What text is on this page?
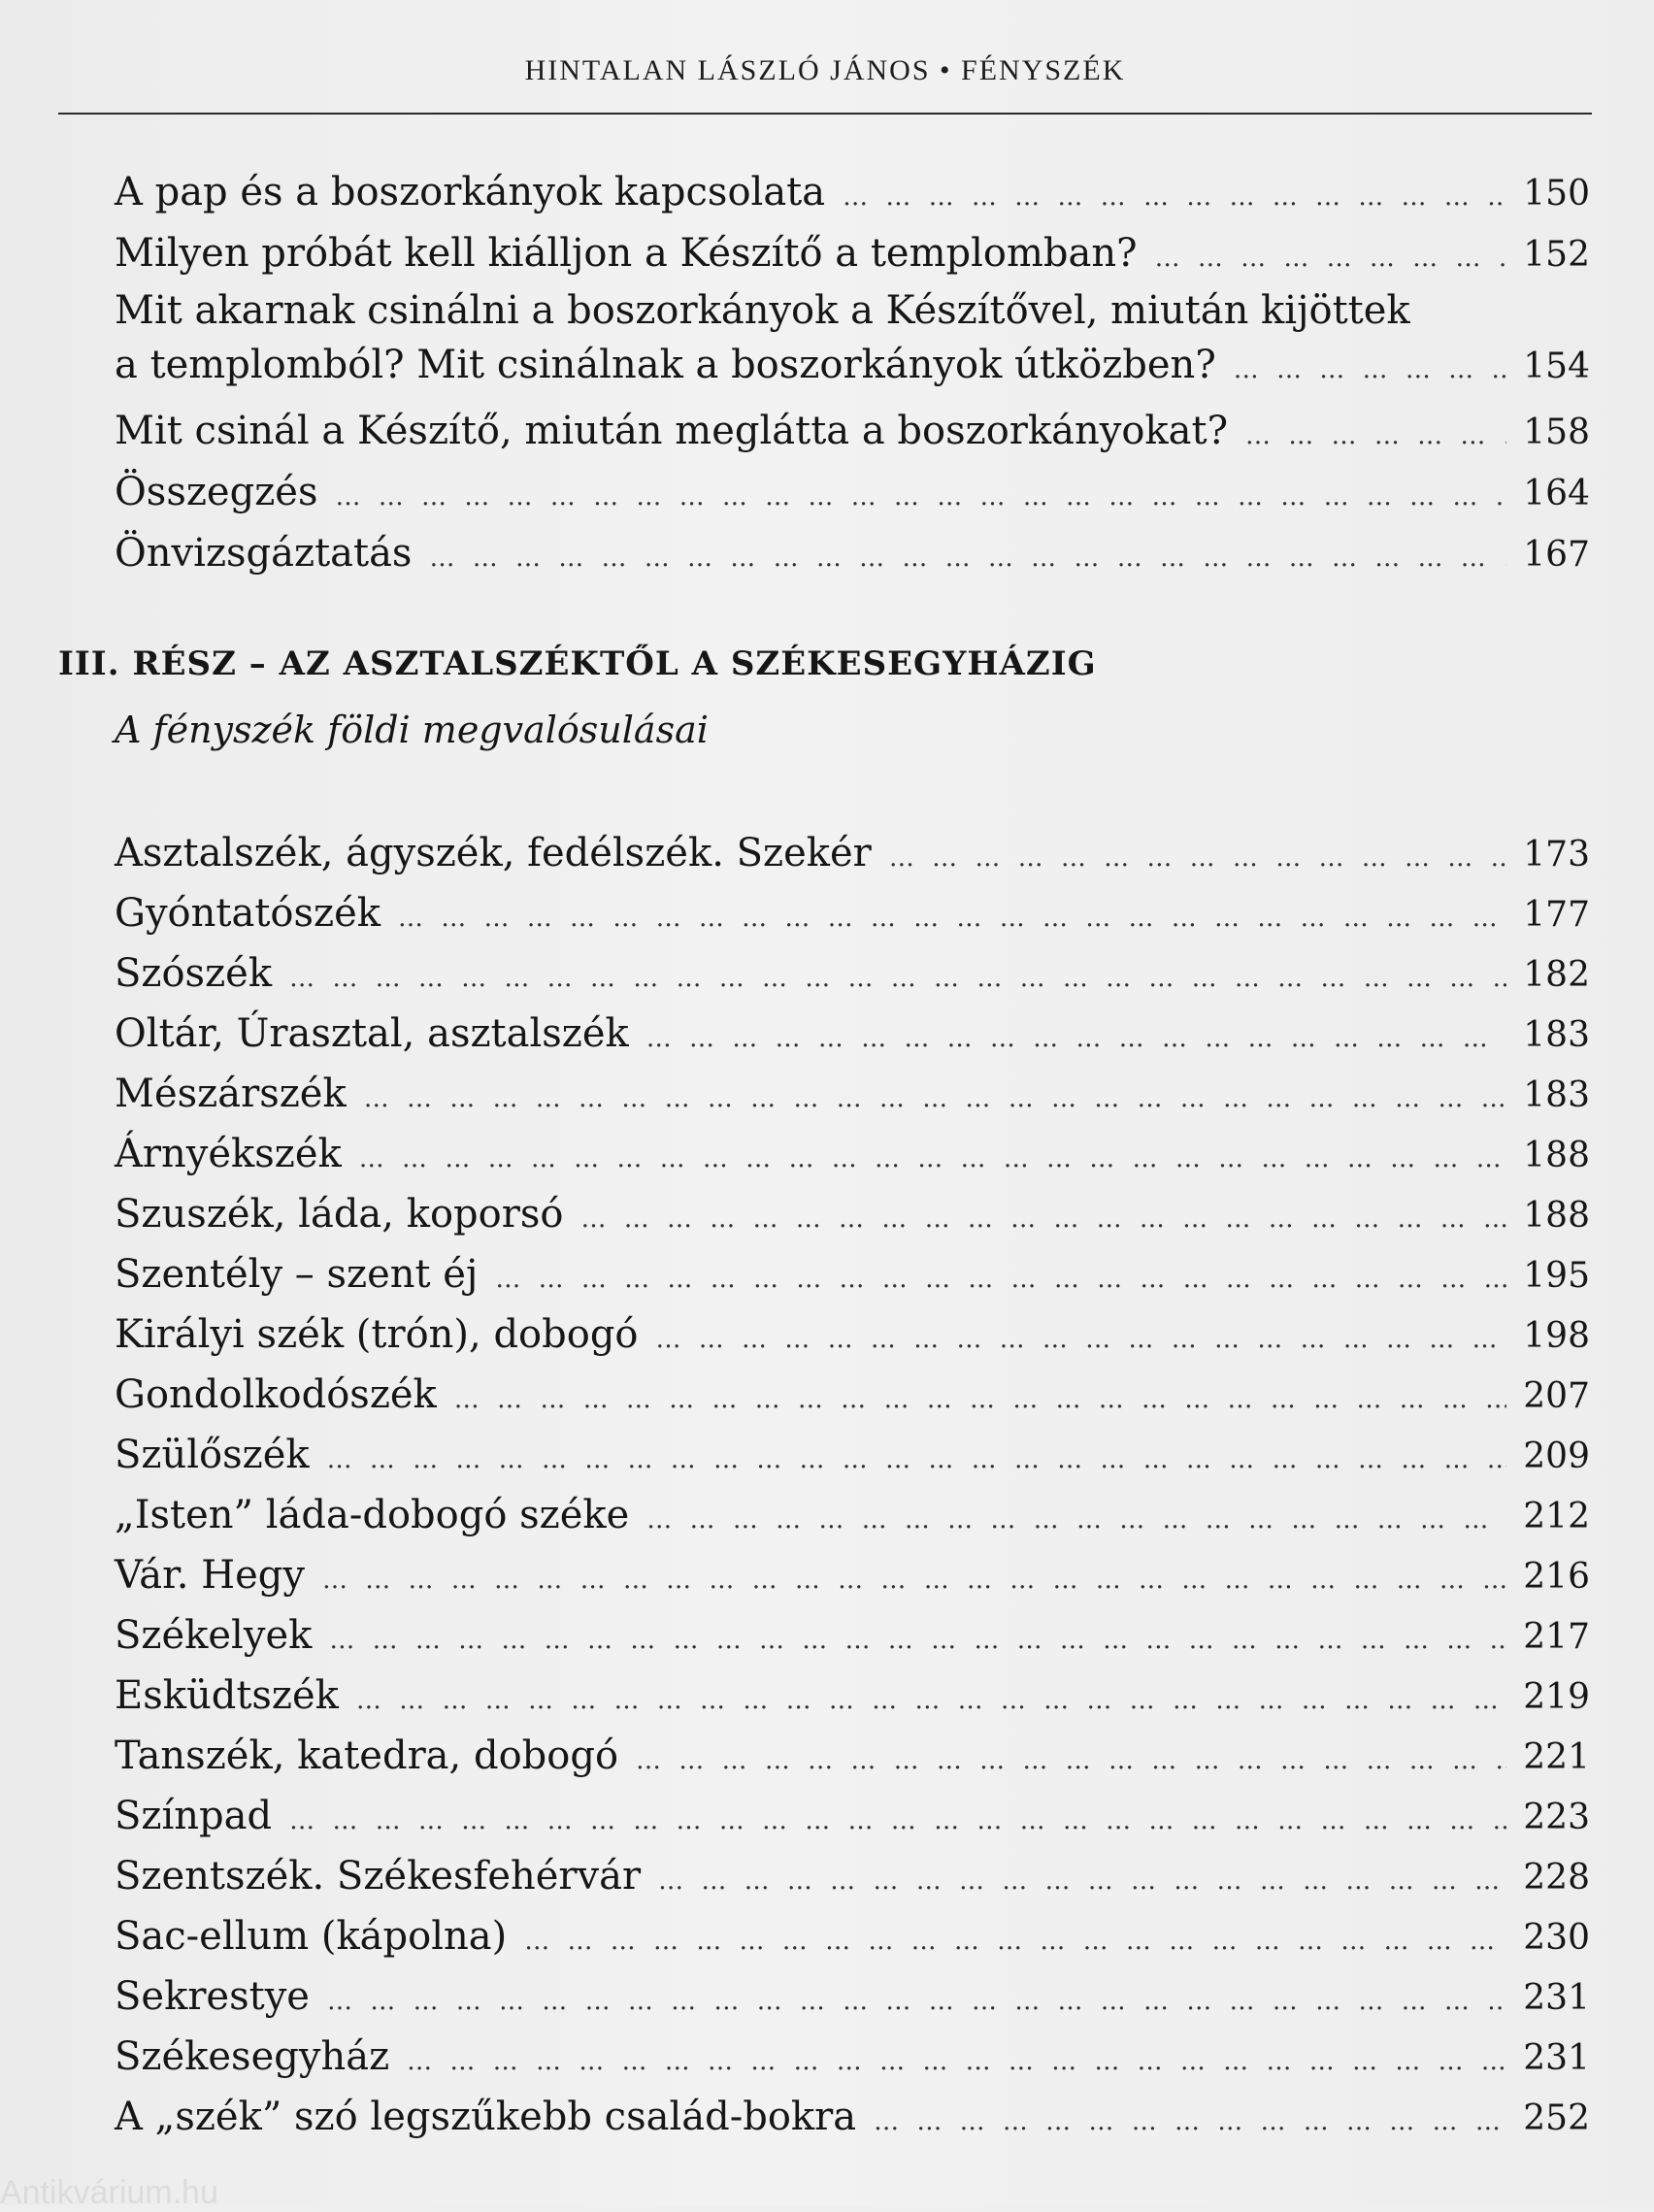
HINTALAN LÁSZLÓ JÁNOS • FÉNYSZÉK
A pap és a boszorkányok kapcsolata … … … … … … … … … … … … … … … … … … … … … … … … … … … … … … … … … … … … … … … … … … … … …	150
Milyen próbát kell kiálljon a Készítő a templomban? … … … … … … … … … … … … … … … … … … … … … … … … … … … … … … … … … … … … … … … … … … … … …	152
Mit akarnak csinálni a boszorkányok a Készítővel, miután kijöttek
a templomból? Mit csinálnak a boszorkányok útközben? … … … … … … … … … … … … … … … … … … … … … … … … … … … … … … … … … … … … … … … … … … … … …	154
Mit csinál a Készítő, miután meglátta a boszorkányokat? … … … … … … … … … … … … … … … … … … … … … … … … … … … … … … … … … … … … … … … … … … … … …	158
Összegzés … … … … … … … … … … … … … … … … … … … … … … … … … … … … … … … … … … … … … … … … … … … … …	164
Önvizsgáztatás … … … … … … … … … … … … … … … … … … … … … … … … … … … … … … … … … … … … … … … … … … … … …	167
III. RÉSZ – AZ ASZTALSZÉKTŐL A SZÉKESEGYHÁZIG
A fényszék földi megvalósulásai
Asztalszék, ágyszék, fedélszék. Szekér … … … … … … … … … … … … … … … … … … … … … … … … … … … … … … … … … … … … … … … … … … … … …	173
Gyóntatószék … … … … … … … … … … … … … … … … … … … … … … … … … … … … … … … … … … … … … … … … … … … … …	177
Szószék … … … … … … … … … … … … … … … … … … … … … … … … … … … … … … … … … … … … … … … … … … … … …	182
Oltár, Úrasztal, asztalszék … … … … … … … … … … … … … … … … … … … … … … … … … … … … … … … … … … … … … … … … … … … … …	183
Mészárszék … … … … … … … … … … … … … … … … … … … … … … … … … … … … … … … … … … … … … … … … … … … … …	183
Árnyékszék … … … … … … … … … … … … … … … … … … … … … … … … … … … … … … … … … … … … … … … … … … … … …	188
Szuszék, láda, koporsó … … … … … … … … … … … … … … … … … … … … … … … … … … … … … … … … … … … … … … … … … … … … …	188
Szentély – szent éj … … … … … … … … … … … … … … … … … … … … … … … … … … … … … … … … … … … … … … … … … … … … …	195
Királyi szék (trón), dobogó … … … … … … … … … … … … … … … … … … … … … … … … … … … … … … … … … … … … … … … … … … … … …	198
Gondolkodószék … … … … … … … … … … … … … … … … … … … … … … … … … … … … … … … … … … … … … … … … … … … … …	207
Szülőszék … … … … … … … … … … … … … … … … … … … … … … … … … … … … … … … … … … … … … … … … … … … … …	209
„Isten” láda-dobogó széke … … … … … … … … … … … … … … … … … … … … … … … … … … … … … … … … … … … … … … … … … … … … …	212
Vár. Hegy … … … … … … … … … … … … … … … … … … … … … … … … … … … … … … … … … … … … … … … … … … … … …	216
Székelyek … … … … … … … … … … … … … … … … … … … … … … … … … … … … … … … … … … … … … … … … … … … … …	217
Esküdtszék … … … … … … … … … … … … … … … … … … … … … … … … … … … … … … … … … … … … … … … … … … … … …	219
Tanszék, katedra, dobogó … … … … … … … … … … … … … … … … … … … … … … … … … … … … … … … … … … … … … … … … … … … … …	221
Színpad … … … … … … … … … … … … … … … … … … … … … … … … … … … … … … … … … … … … … … … … … … … … …	223
Szentszék. Székesfehérvár … … … … … … … … … … … … … … … … … … … … … … … … … … … … … … … … … … … … … … … … … … … … …	228
Sac-ellum (kápolna) … … … … … … … … … … … … … … … … … … … … … … … … … … … … … … … … … … … … … … … … … … … … …	230
Sekrestye … … … … … … … … … … … … … … … … … … … … … … … … … … … … … … … … … … … … … … … … … … … … …	231
Székesegyház … … … … … … … … … … … … … … … … … … … … … … … … … … … … … … … … … … … … … … … … … … … … …	231
A „szék” szó legszűkebb család-bokra … … … … … … … … … … … … … … … … … … … … … … … … … … … … … … … … … … … … … … … … … … … … …	252
Antikvárium.hu
